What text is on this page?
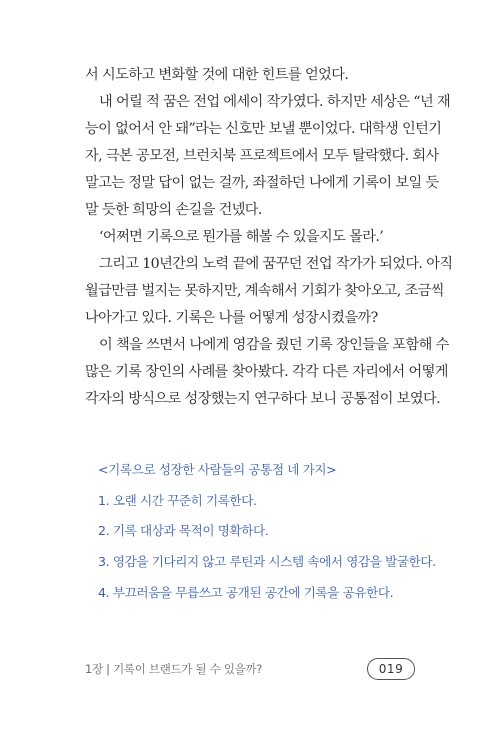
서 시도하고 변화할 것에 대한 힌트를 얻었다.
내 어릴 적 꿈은 전업 에세이 작가였다. 하지만 세상은 “넌 재
능이 없어서 안 돼”라는 신호만 보낼 뿐이었다. 대학생 인턴기
자, 극본 공모전, 브런치북 프로젝트에서 모두 탈락했다. 회사
말고는 정말 답이 없는 걸까, 좌절하던 나에게 기록이 보일 듯
말 듯한 희망의 손길을 건넸다.
‘어쩌면 기록으로 뭔가를 해볼 수 있을지도 몰라.’
그리고 10년간의 노력 끝에 꿈꾸던 전업 작가가 되었다. 아직
월급만큼 벌지는 못하지만, 계속해서 기회가 찾아오고, 조금씩
나아가고 있다. 기록은 나를 어떻게 성장시켰을까?
이 책을 쓰면서 나에게 영감을 줬던 기록 장인들을 포함해 수
많은 기록 장인의 사례를 찾아봤다. 각각 다른 자리에서 어떻게
각자의 방식으로 성장했는지 연구하다 보니 공통점이 보였다.
<기록으로 성장한 사람들의 공통점 네 가지>
1. 오랜 시간 꾸준히 기록한다.
2. 기록 대상과 목적이 명확하다.
3. 영감을 기다리지 않고 루틴과 시스템 속에서 영감을 발굴한다.
4. 부끄러움을 무릅쓰고 공개된 공간에 기록을 공유한다.
1장 | 기록이 브랜드가 될 수 있을까?	019
